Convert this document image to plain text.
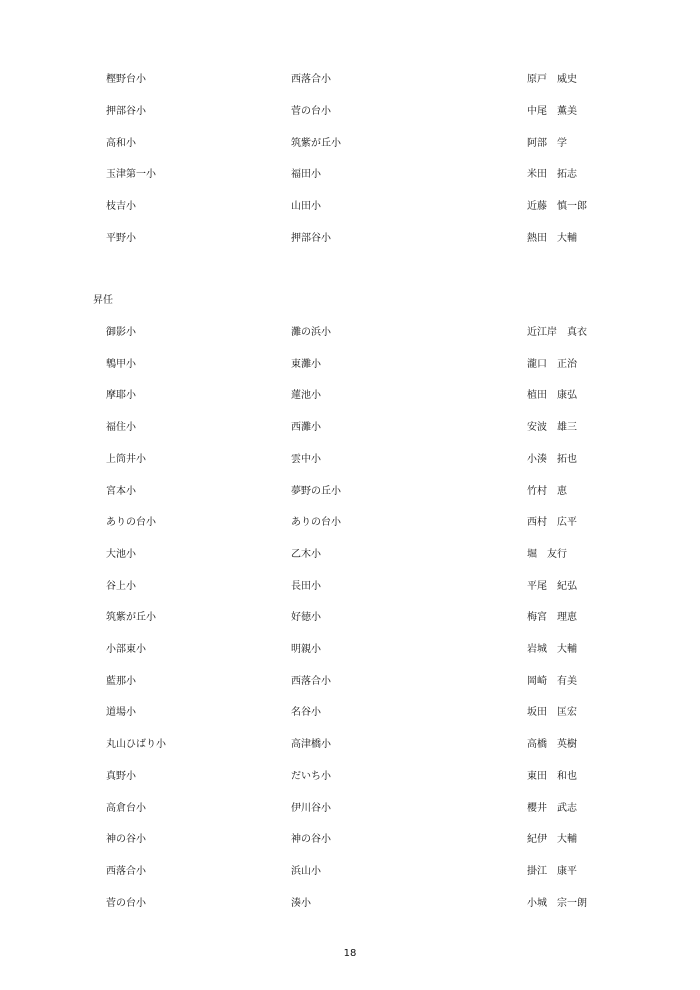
樫野台小	西落合小	原戸　威史
押部谷小	菅の台小	中尾　薫美
高和小	筑紫が丘小	阿部　学
玉津第一小	福田小	米田　拓志
枝吉小	山田小	近藤　慎一郎
平野小	押部谷小	熱田　大輔
昇任
御影小	灘の浜小	近江岸　真衣
鵯甲小	東灘小	瀧口　正治
摩耶小	蓮池小	植田　康弘
福住小	西灘小	安波　雄三
上筒井小	雲中小	小湊　拓也
宮本小	夢野の丘小	竹村　恵
ありの台小	ありの台小	西村　広平
大池小	乙木小	堀　友行
谷上小	長田小	平尾　紀弘
筑紫が丘小	好徳小	梅宮　理恵
小部東小	明親小	岩城　大輔
藍那小	西落合小	岡崎　有美
道場小	名谷小	坂田　匡宏
丸山ひばり小	高津橋小	高橋　英樹
真野小	だいち小	東田　和也
高倉台小	伊川谷小	櫻井　武志
神の谷小	神の谷小	紀伊　大輔
西落合小	浜山小	掛江　康平
菅の台小	湊小	小城　宗一朗
18
